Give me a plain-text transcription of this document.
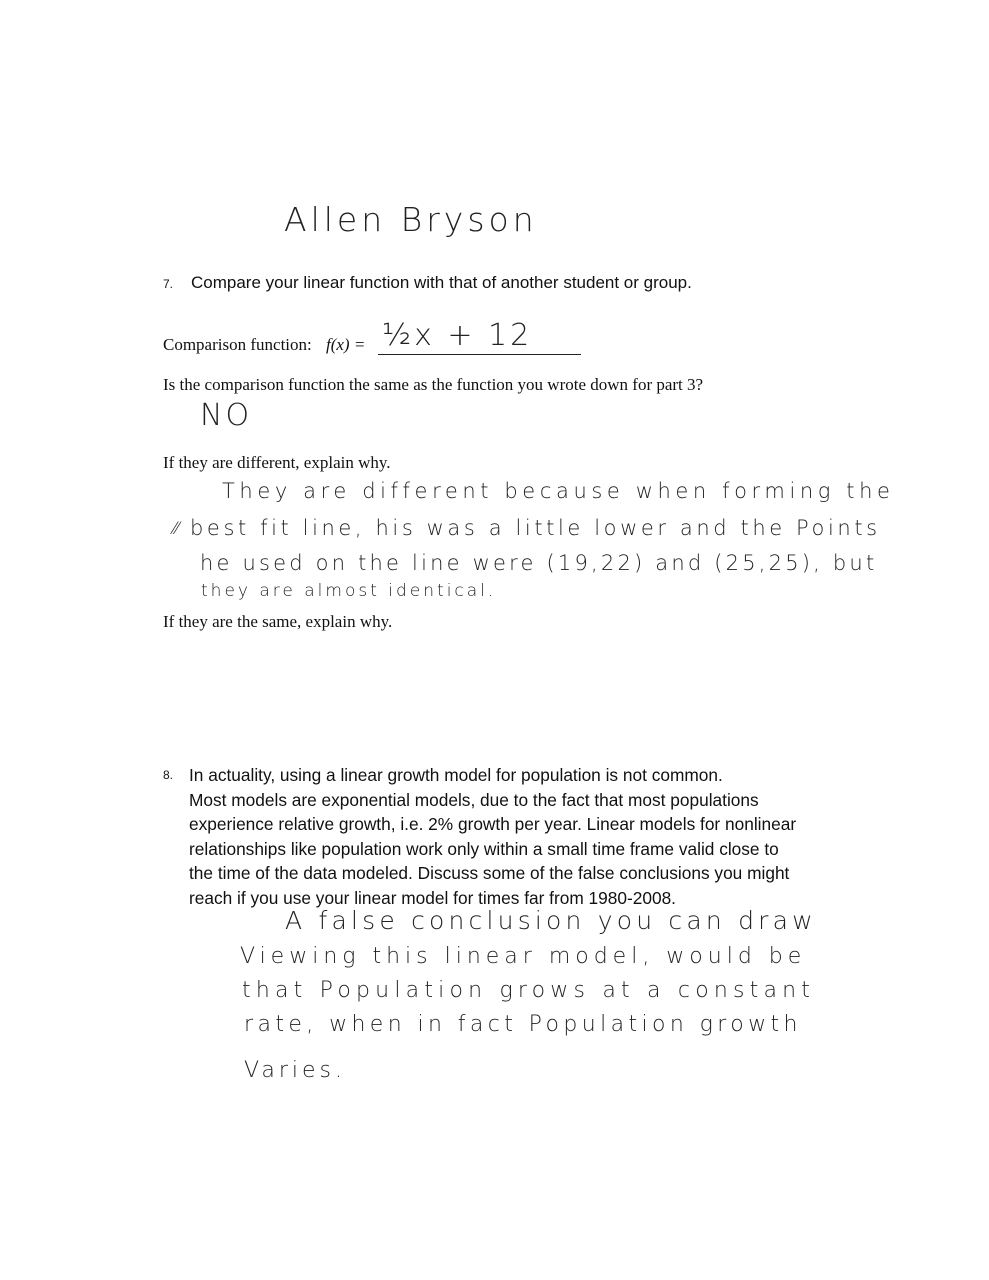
Allen Bryson
7. Compare your linear function with that of another student or group.
Comparison function: f(x) = ½x + 12
Is the comparison function the same as the function you wrote down for part 3?
NO
If they are different, explain why.
They are different because when forming the
⁄⁄ best fit line, his was a little lower and the Points
he used on the line were (19,22) and (25,25), but
they are almost identical.
If they are the same, explain why.
8. In actuality, using a linear growth model for population is not common.
Most models are exponential models, due to the fact that most populations
experience relative growth, i.e. 2% growth per year. Linear models for nonlinear
relationships like population work only within a small time frame valid close to
the time of the data modeled. Discuss some of the false conclusions you might
reach if you use your linear model for times far from 1980-2008.
A false conclusion you can draw
Viewing this linear model, would be
that Population grows at a constant
rate, when in fact Population growth
Varies.
